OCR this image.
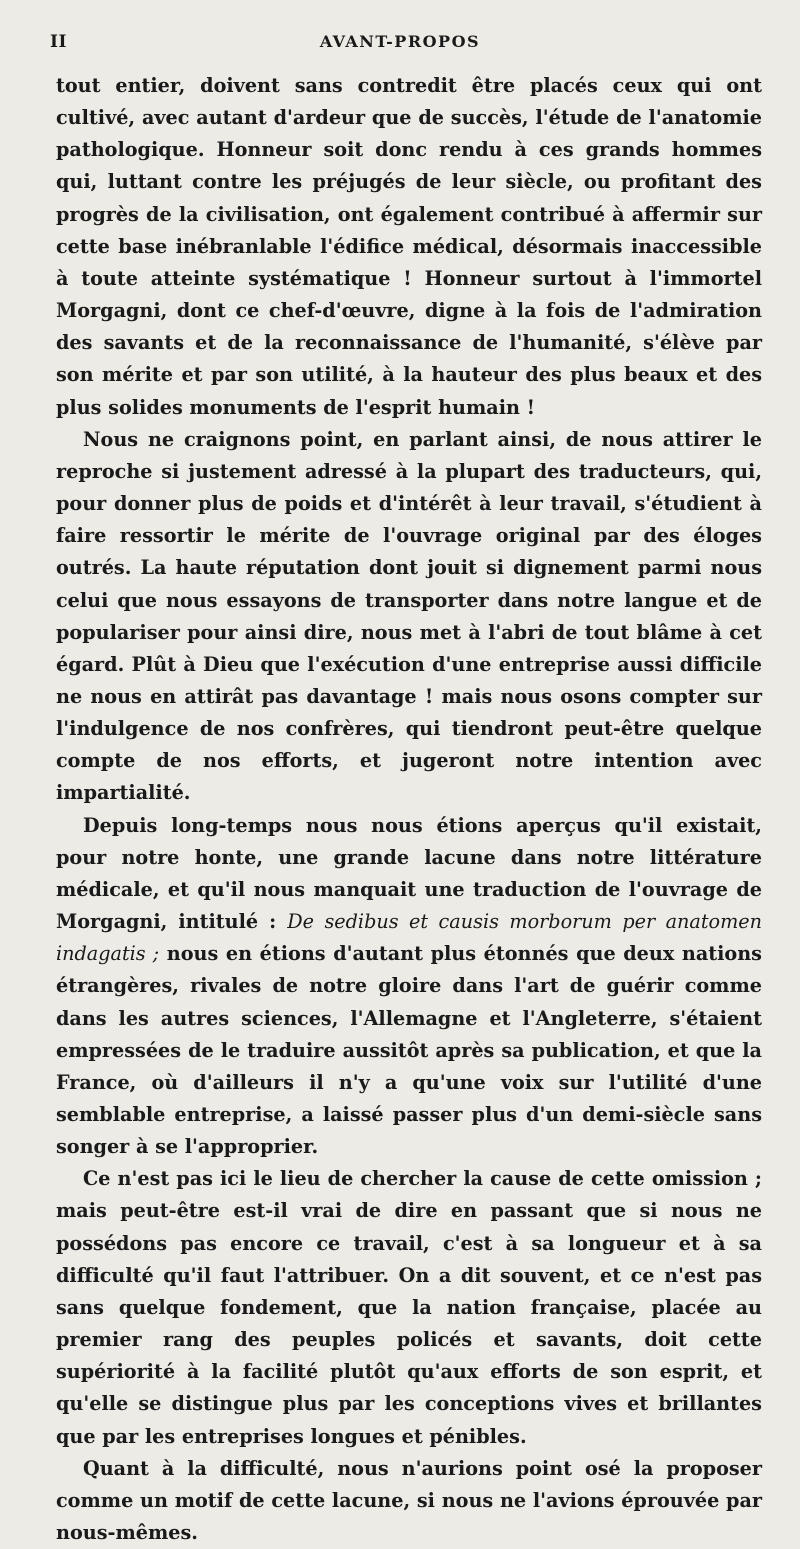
II	AVANT-PROPOS

tout entier, doivent sans contredit être placés ceux qui ont cultivé, avec autant d'ardeur que de succès, l'étude de l'anatomie pathologique. Honneur soit donc rendu à ces grands hommes qui, luttant contre les préjugés de leur siècle, ou profitant des progrès de la civilisation, ont également contribué à affermir sur cette base inébranlable l'édifice médical, désormais inaccessible à toute atteinte systématique ! Honneur surtout à l'immortel Morgagni, dont ce chef-d'œuvre, digne à la fois de l'admiration des savants et de la reconnaissance de l'humanité, s'élève par son mérite et par son utilité, à la hauteur des plus beaux et des plus solides monuments de l'esprit humain !

Nous ne craignons point, en parlant ainsi, de nous attirer le reproche si justement adressé à la plupart des traducteurs, qui, pour donner plus de poids et d'intérêt à leur travail, s'étudient à faire ressortir le mérite de l'ouvrage original par des éloges outrés. La haute réputation dont jouit si dignement parmi nous celui que nous essayons de transporter dans notre langue et de populariser pour ainsi dire, nous met à l'abri de tout blâme à cet égard. Plût à Dieu que l'exécution d'une entreprise aussi difficile ne nous en attirât pas davantage ! mais nous osons compter sur l'indulgence de nos confrères, qui tiendront peut-être quelque compte de nos efforts, et jugeront notre intention avec impartialité.

Depuis long-temps nous nous étions aperçus qu'il existait, pour notre honte, une grande lacune dans notre littérature médicale, et qu'il nous manquait une traduction de l'ouvrage de Morgagni, intitulé : De sedibus et causis morborum per anatomen indagatis ; nous en étions d'autant plus étonnés que deux nations étrangères, rivales de notre gloire dans l'art de guérir comme dans les autres sciences, l'Allemagne et l'Angleterre, s'étaient empressées de le traduire aussitôt après sa publication, et que la France, où d'ailleurs il n'y a qu'une voix sur l'utilité d'une semblable entreprise, a laissé passer plus d'un demi-siècle sans songer à se l'approprier.

Ce n'est pas ici le lieu de chercher la cause de cette omission ; mais peut-être est-il vrai de dire en passant que si nous ne possédons pas encore ce travail, c'est à sa longueur et à sa difficulté qu'il faut l'attribuer. On a dit souvent, et ce n'est pas sans quelque fondement, que la nation française, placée au premier rang des peuples policés et savants, doit cette supériorité à la facilité plutôt qu'aux efforts de son esprit, et qu'elle se distingue plus par les conceptions vives et brillantes que par les entreprises longues et pénibles.

Quant à la difficulté, nous n'aurions point osé la proposer comme un motif de cette lacune, si nous ne l'avions éprouvée par nous-mêmes.
